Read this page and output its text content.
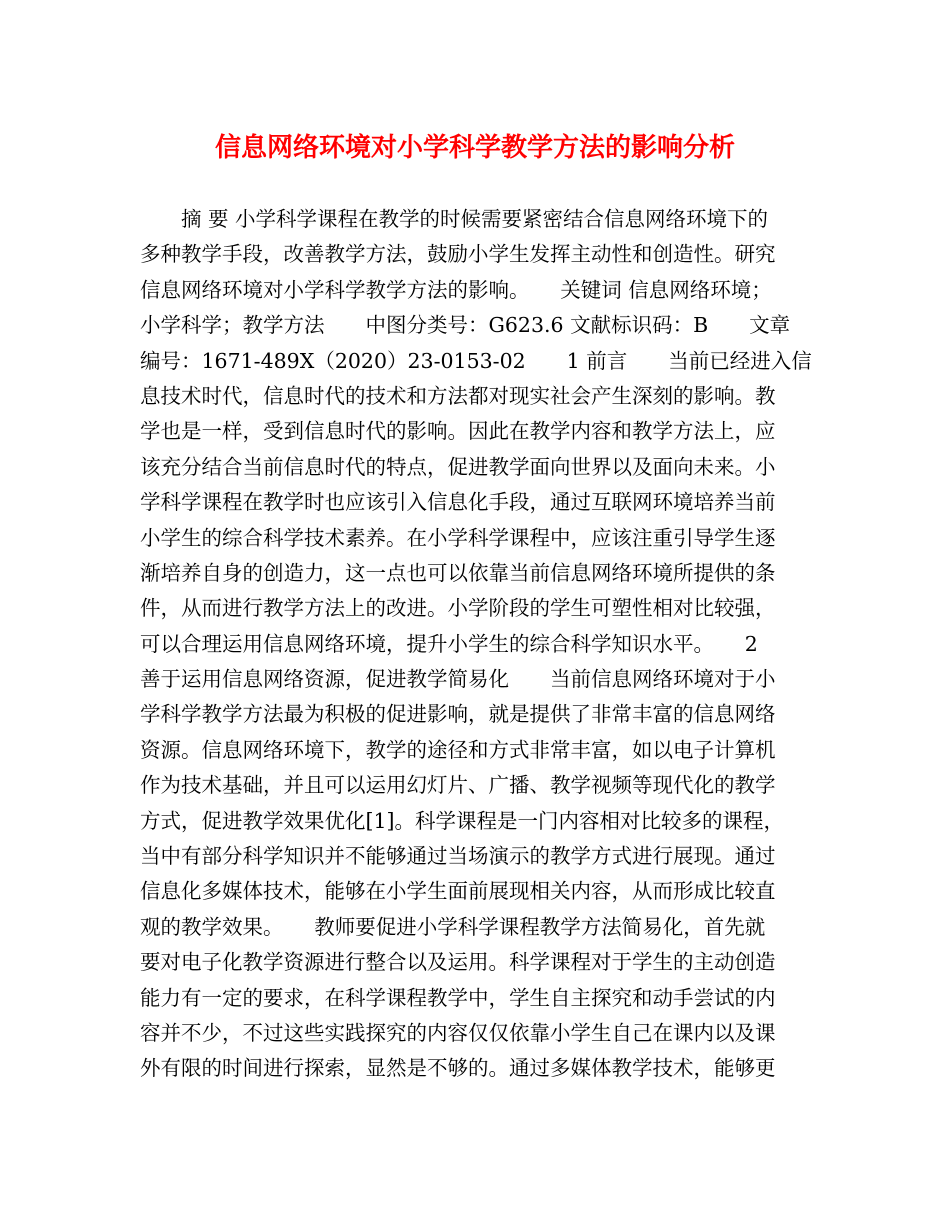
信息网络环境对小学科学教学方法的影响分析
　　摘 要 小学科学课程在教学的时候需要紧密结合信息网络环境下的
多种教学手段，改善教学方法，鼓励小学生发挥主动性和创造性。研究
信息网络环境对小学科学教学方法的影响。　　关键词 信息网络环境；
小学科学；教学方法　　中图分类号：G623.6 文献标识码：B　　文章
编号：1671-489X（2020）23-0153-02　　1 前言　　当前已经进入信
息技术时代，信息时代的技术和方法都对现实社会产生深刻的影响。教
学也是一样，受到信息时代的影响。因此在教学内容和教学方法上，应
该充分结合当前信息时代的特点，促进教学面向世界以及面向未来。小
学科学课程在教学时也应该引入信息化手段，通过互联网环境培养当前
小学生的综合科学技术素养。在小学科学课程中，应该注重引导学生逐
渐培养自身的创造力，这一点也可以依靠当前信息网络环境所提供的条
件，从而进行教学方法上的改进。小学阶段的学生可塑性相对比较强，
可以合理运用信息网络环境，提升小学生的综合科学知识水平。　　2
善于运用信息网络资源，促进教学简易化　　当前信息网络环境对于小
学科学教学方法最为积极的促进影响，就是提供了非常丰富的信息网络
资源。信息网络环境下，教学的途径和方式非常丰富，如以电子计算机
作为技术基础，并且可以运用幻灯片、广播、教学视频等现代化的教学
方式，促进教学效果优化[1]。科学课程是一门内容相对比较多的课程，
当中有部分科学知识并不能够通过当场演示的教学方式进行展现。通过
信息化多媒体技术，能够在小学生面前展现相关内容，从而形成比较直
观的教学效果。　　教师要促进小学科学课程教学方法简易化，首先就
要对电子化教学资源进行整合以及运用。科学课程对于学生的主动创造
能力有一定的要求，在科学课程教学中，学生自主探究和动手尝试的内
容并不少，不过这些实践探究的内容仅仅依靠小学生自己在课内以及课
外有限的时间进行探索，显然是不够的。通过多媒体教学技术，能够更
